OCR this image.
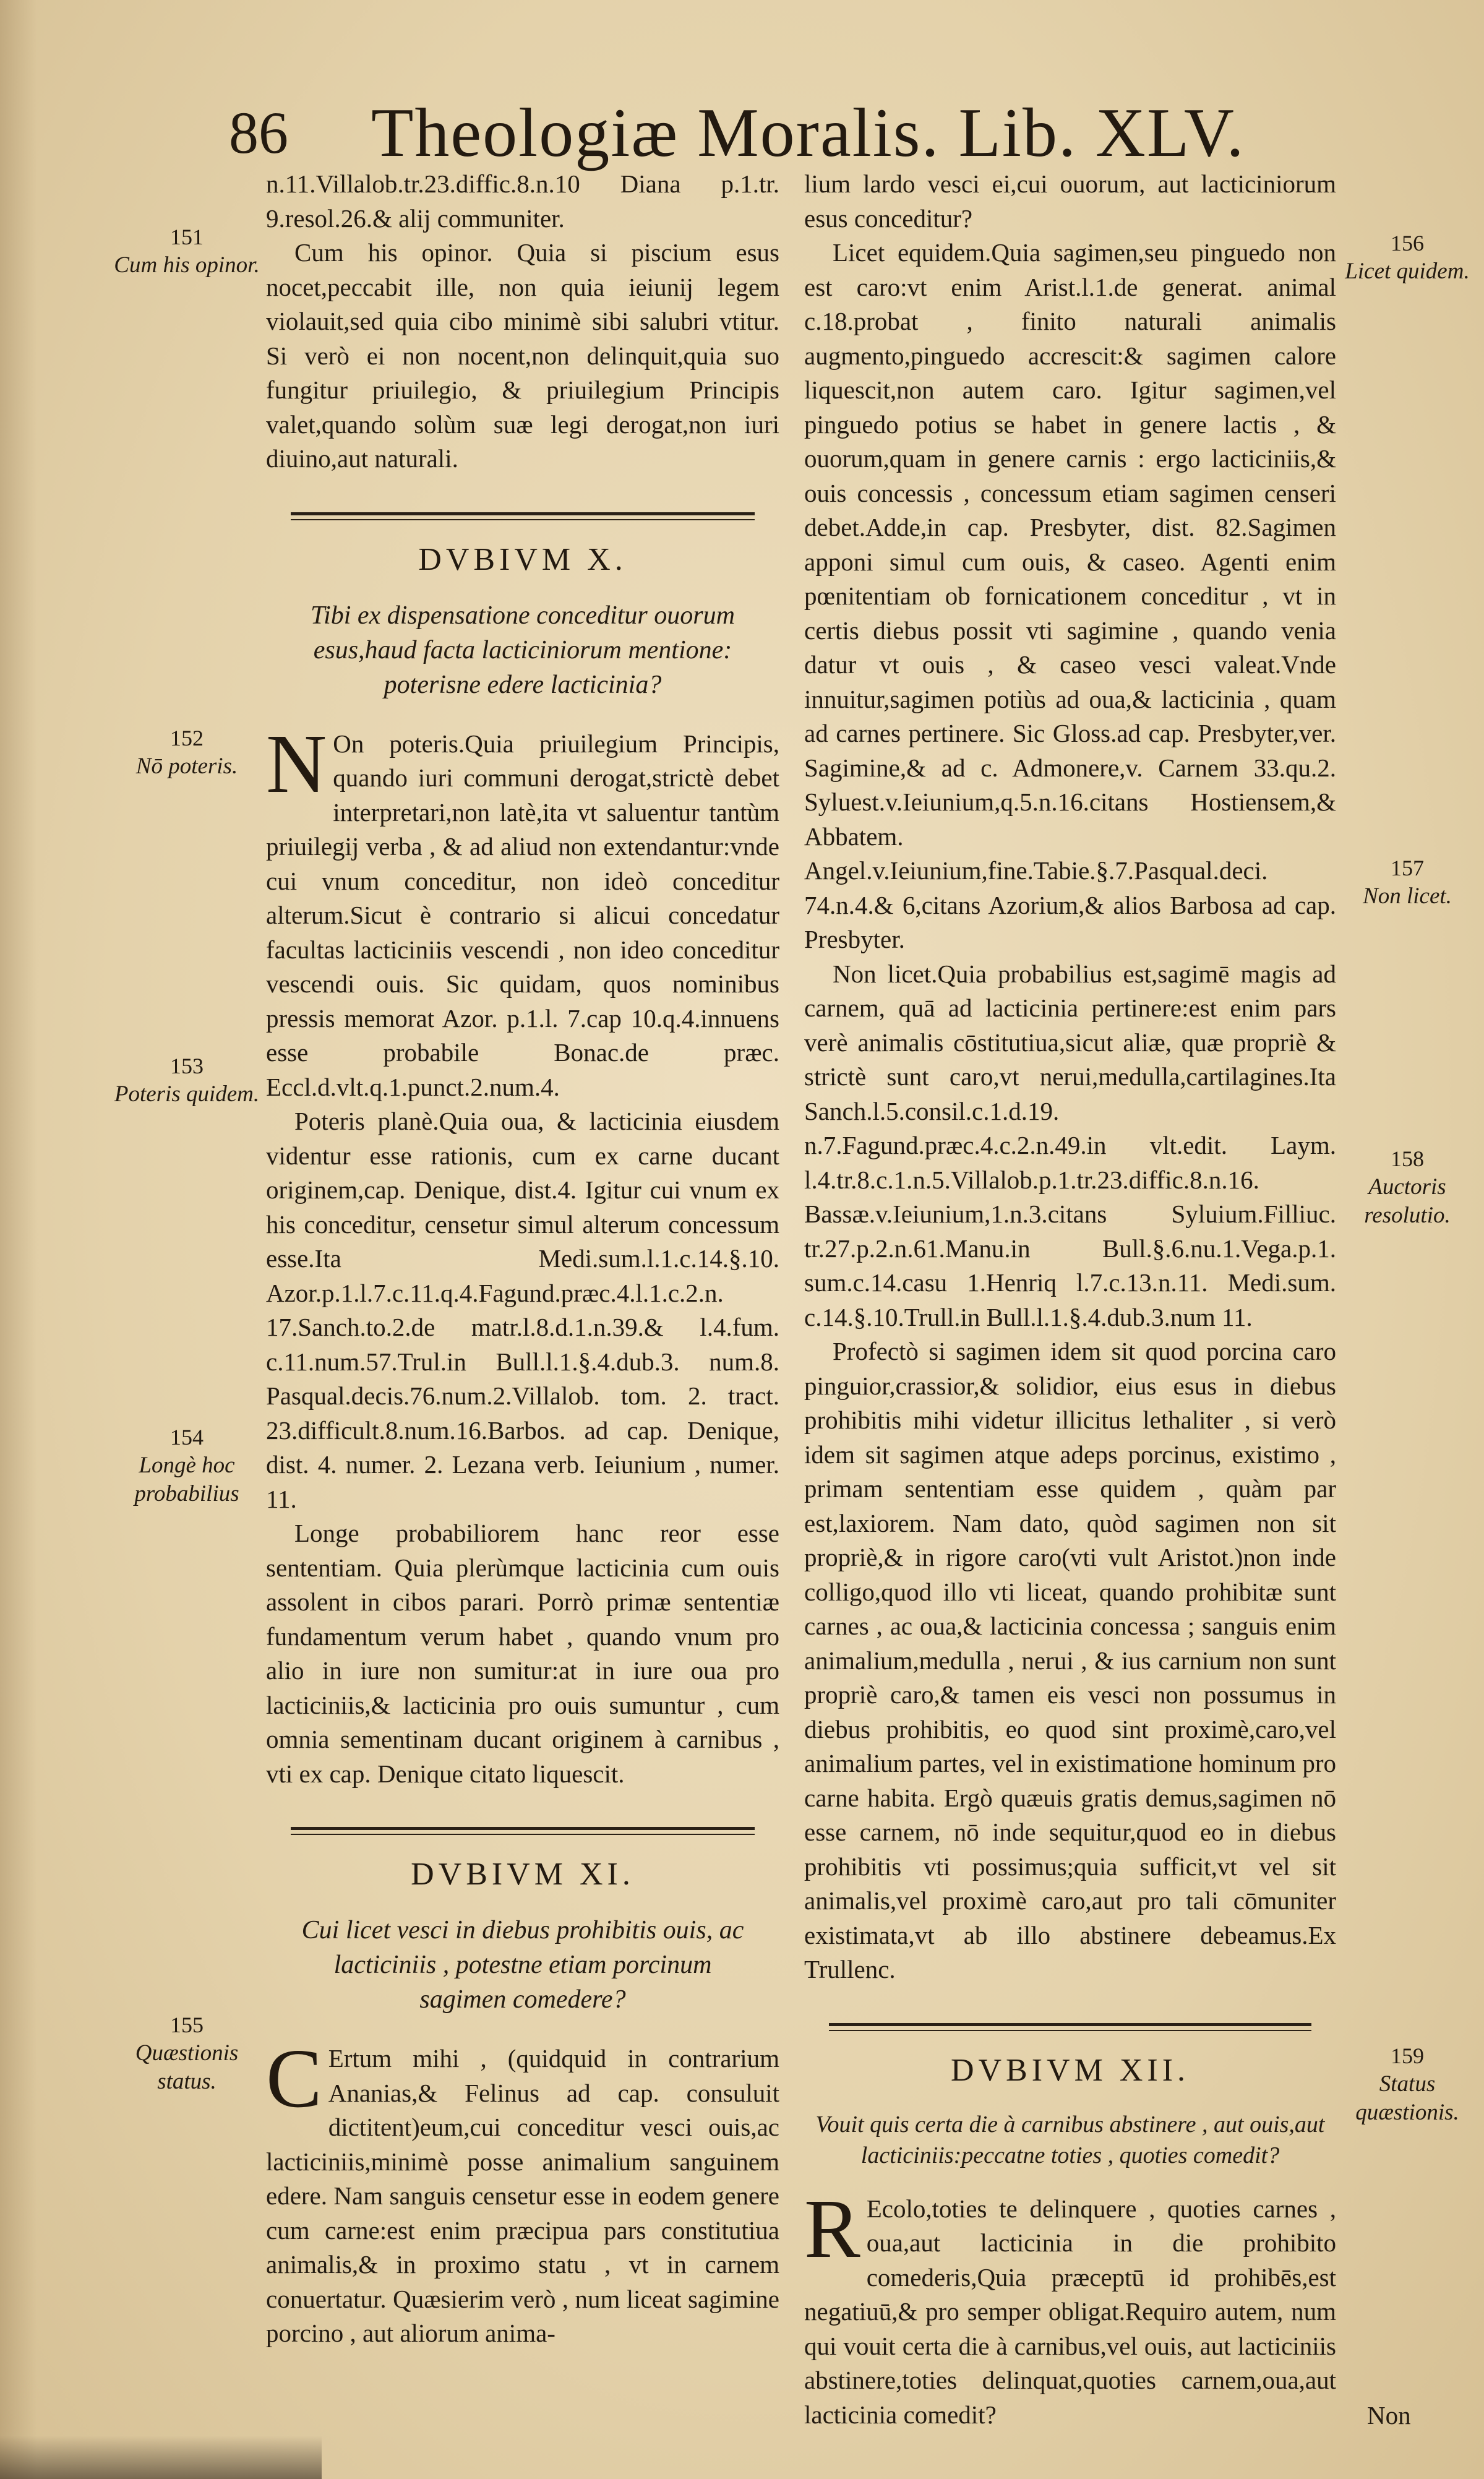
86 Theologiæ Moralis. Lib. XLV.

n.11.Villalob.tr.23.diffic.8.n.10 Diana p.1.tr. 9.resol.26.& alij communiter.

Cum his opinor. Quia si piscium esus nocet,peccabit ille, non quia ieiunij legem violauit,sed quia cibo minimè sibi salubri vtitur. Si verò ei non nocent,non delinquit,quia suo fungitur priuilegio, & priuilegium Principis valet,quando solùm suæ legi derogat,non iuri diuino,aut naturali.

DVBIVM X.
Tibi ex dispensatione conceditur ouorum esus,haud facta lacticiniorum mentione: poterisne edere lacticinia?

N On poteris.Quia priuilegium Principis, quando iuri communi derogat,strictè debet interpretari,non latè,ita vt saluentur tantùm priuilegij verba , & ad aliud non extendantur:vnde cui vnum conceditur, non ideò conceditur alterum.Sicut è contrario si alicui concedatur facultas lacticiniis vescendi , non ideo conceditur vescendi ouis. Sic quidam, quos nominibus pressis memorat Azor. p.1.l. 7.cap 10.q.4.innuens esse probabile Bonac.de præc. Eccl.d.vlt.q.1.punct.2.num.4.

Poteris planè.Quia oua, & lacticinia eiusdem videntur esse rationis, cum ex carne ducant originem,cap. Denique, dist.4. Igitur cui vnum ex his conceditur, censetur simul alterum concessum esse.Ita Medi.sum.l.1.c.14.§.10. Azor.p.1.l.7.c.11.q.4.Fagund.præc.4.l.1.c.2.n. 17.Sanch.to.2.de matr.l.8.d.1.n.39.& l.4.fum. c.11.num.57.Trul.in Bull.l.1.§.4.dub.3. num.8. Pasqual.decis.76.num.2.Villalob. tom. 2. tract. 23.difficult.8.num.16.Barbos. ad cap. Denique, dist. 4. numer. 2. Lezana verb. Ieiunium , numer. 11.

Longe probabiliorem hanc reor esse sententiam. Quia plerùmque lacticinia cum ouis assolent in cibos parari. Porrò primæ sententiæ fundamentum verum habet , quando vnum pro alio in iure non sumitur:at in iure oua pro lacticiniis,& lacticinia pro ouis sumuntur , cum omnia sementinam ducant originem à carnibus , vti ex cap. Denique citato liquescit.

DVBIVM XI.
Cui licet vesci in diebus prohibitis ouis, ac lacticiniis , potestne etiam porcinum sagimen comedere?

C Ertum mihi , (quidquid in contrarium Ananias,& Felinus ad cap. consuluit dictitent)eum,cui conceditur vesci ouis,ac lacticiniis,minimè posse animalium sanguinem edere. Nam sanguis censetur esse in eodem genere cum carne:est enim præcipua pars constitutiua animalis,& in proximo statu , vt in carnem conuertatur. Quæsierim verò , num liceat sagimine porcino , aut aliorum anima-

lium lardo vesci ei,cui ouorum, aut lacticiniorum esus conceditur?

Licet equidem.Quia sagimen,seu pinguedo non est caro:vt enim Arist.l.1.de generat. animal c.18.probat , finito naturali animalis augmento,pinguedo accrescit:& sagimen calore liquescit,non autem caro. Igitur sagimen,vel pinguedo potius se habet in genere lactis , & ouorum,quam in genere carnis : ergo lacticiniis,& ouis concessis , concessum etiam sagimen censeri debet.Adde,in cap. Presbyter, dist. 82.Sagimen apponi simul cum ouis, & caseo. Agenti enim pœnitentiam ob fornicationem conceditur , vt in certis diebus possit vti sagimine , quando venia datur vt ouis , & caseo vesci valeat.Vnde innuitur,sagimen potiùs ad oua,& lacticinia , quam ad carnes pertinere. Sic Gloss.ad cap. Presbyter,ver. Sagimine,& ad c. Admonere,v. Carnem 33.qu.2. Syluest.v.Ieiunium,q.5.n.16.citans Hostiensem,& Abbatem. Angel.v.Ieiunium,fine.Tabie.§.7.Pasqual.deci. 74.n.4.& 6,citans Azorium,& alios Barbosa ad cap. Presbyter.

Non licet.Quia probabilius est,sagimē magis ad carnem, quā ad lacticinia pertinere:est enim pars verè animalis cōstitutiua,sicut aliæ, quæ propriè & strictè sunt caro,vt nerui,medulla,cartilagines.Ita Sanch.l.5.consil.c.1.d.19. n.7.Fagund.præc.4.c.2.n.49.in vlt.edit. Laym. l.4.tr.8.c.1.n.5.Villalob.p.1.tr.23.diffic.8.n.16. Bassæ.v.Ieiunium,1.n.3.citans Syluium.Filliuc. tr.27.p.2.n.61.Manu.in Bull.§.6.nu.1.Vega.p.1. sum.c.14.casu 1.Henriq l.7.c.13.n.11. Medi.sum. c.14.§.10.Trull.in Bull.l.1.§.4.dub.3.num 11.

Profectò si sagimen idem sit quod porcina caro pinguior,crassior,& solidior, eius esus in diebus prohibitis mihi videtur illicitus lethaliter , si verò idem sit sagimen atque adeps porcinus, existimo , primam sententiam esse quidem , quàm par est,laxiorem. Nam dato, quòd sagimen non sit propriè,& in rigore caro(vti vult Aristot.)non inde colligo,quod illo vti liceat, quando prohibitæ sunt carnes , ac oua,& lacticinia concessa ; sanguis enim animalium,medulla , nerui , & ius carnium non sunt propriè caro,& tamen eis vesci non possumus in diebus prohibitis, eo quod sint proximè,caro,vel animalium partes, vel in existimatione hominum pro carne habita. Ergò quæuis gratis demus,sagimen nō esse carnem, nō inde sequitur,quod eo in diebus prohibitis vti possimus;quia sufficit,vt vel sit animalis,vel proximè caro,aut pro tali cōmuniter existimata,vt ab illo abstinere debeamus.Ex Trullenc.

DVBIVM XII.
Vouit quis certa die à carnibus abstinere , aut ouis,aut lacticiniis:peccatne toties , quoties comedit?

R Ecolo,toties te delinquere , quoties carnes , oua,aut lacticinia in die prohibito comederis,Quia præceptū id prohibēs,est negatiuū,& pro semper obligat.Requiro autem, num qui vouit certa die à carnibus,vel ouis, aut lacticiniis abstinere,toties delinquat,quoties carnem,oua,aut lacticinia comedit?	Non
151
Cum his opinor.
152
Nō poteris.
153
Poteris quidem.
154
Longè hoc probabilius
155
Quæstionis status.
156
Licet quidem.
157
Non licet.
158
Auctoris resolutio.
159
Status quæstionis.
